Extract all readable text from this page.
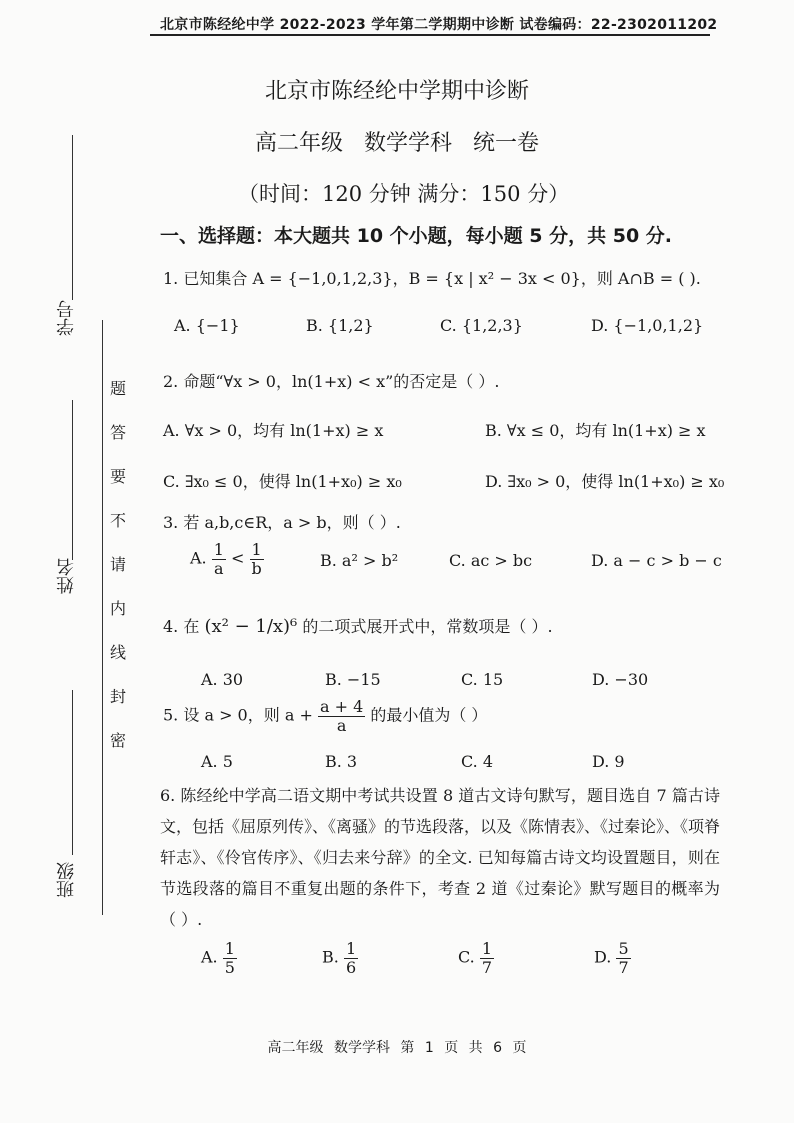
北京市陈经纶中学 2022-2023 学年第二学期期中诊断 试卷编码：22-2302011202
北京市陈经纶中学期中诊断
高二年级 数学学科 统一卷
（时间：120 分钟 满分：150 分）
一、选择题：本大题共 10 个小题，每小题 5 分，共 50 分.
学号
姓名
班级
题
答
要
不
请
内
线
封
密
1. 已知集合 A = {−1,0,1,2,3}，B = {x | x² − 3x < 0}，则 A∩B = ( ).
A. {−1}	B. {1,2}	C. {1,2,3}	D. {−1,0,1,2}
2. 命题“∀x > 0，ln(1+x) < x”的否定是（ ）.
A. ∀x > 0，均有 ln(1+x) ≥ x	B. ∀x ≤ 0，均有 ln(1+x) ≥ x
C. ∃x₀ ≤ 0，使得 ln(1+x₀) ≥ x₀	D. ∃x₀ > 0，使得 ln(1+x₀) ≥ x₀
3. 若 a,b,c∈R，a > b，则（ ）.
A. $\frac{1}{a} < \frac{1}{b}$	B. a² > b²	C. ac > bc	D. a − c > b − c
4. 在 (x² − 1/x)⁶ 的二项式展开式中，常数项是（ ）.
A. 30	B. −15	C. 15	D. −30
5. 设 a > 0，则 $a + \frac{a + 4}{a}$ 的最小值为（ ）
A. 5	B. 3	C. 4	D. 9
6. 陈经纶中学高二语文期中考试共设置 8 道古文诗句默写，题目选自 7 篇古诗文，包括《屈原列传》、《离骚》的节选段落，以及《陈情表》、《过秦论》、《项脊轩志》、《伶官传序》、《归去来兮辞》的全文. 已知每篇古诗文均设置题目，则在节选段落的篇目不重复出题的条件下，考查 2 道《过秦论》默写题目的概率为（ ）.
A. $\frac{1}{5}$	B. $\frac{1}{6}$	C. $\frac{1}{7}$	D. $\frac{5}{7}$
高二年级 数学学科 第 1 页 共 6 页
